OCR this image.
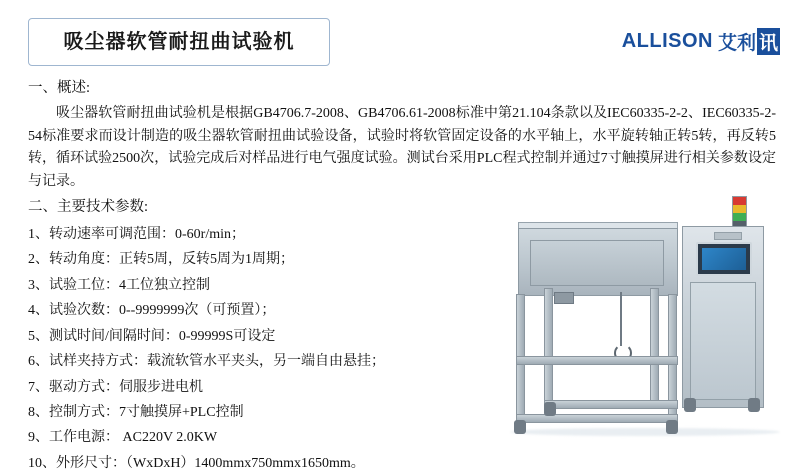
吸尘器软管耐扭曲试验机	ALLISON 艾利 讯

一、概述:

吸尘器软管耐扭曲试验机是根据GB4706.7-2008、GB4706.61-2008标准中第21.104条款以及IEC60335-2-2、IEC60335-2-54标准要求而设计制造的吸尘器软管耐扭曲试验设备，试验时将软管固定设备的水平轴上，水平旋转轴正转5转，再反转5转，循环试验2500次，试验完成后对样品进行电气强度试验。测试台采用PLC程式控制并通过7寸触摸屏进行相关参数设定与记录。

二、主要技术参数:

1、转动速率可调范围：0-60r/min；
2、转动角度：正转5周，反转5周为1周期；
3、试验工位：4工位独立控制
4、试验次数：0--9999999次（可预置）；
5、测试时间/间隔时间：0-99999S可设定
6、试样夹持方式：载流软管水平夹头，另一端自由悬挂；
7、驱动方式：伺服步进电机
8、控制方式：7寸触摸屏+PLC控制
9、工作电源： AC220V 2.0KW
10、外形尺寸：（WxDxH）1400mmx750mmx1650mm。
